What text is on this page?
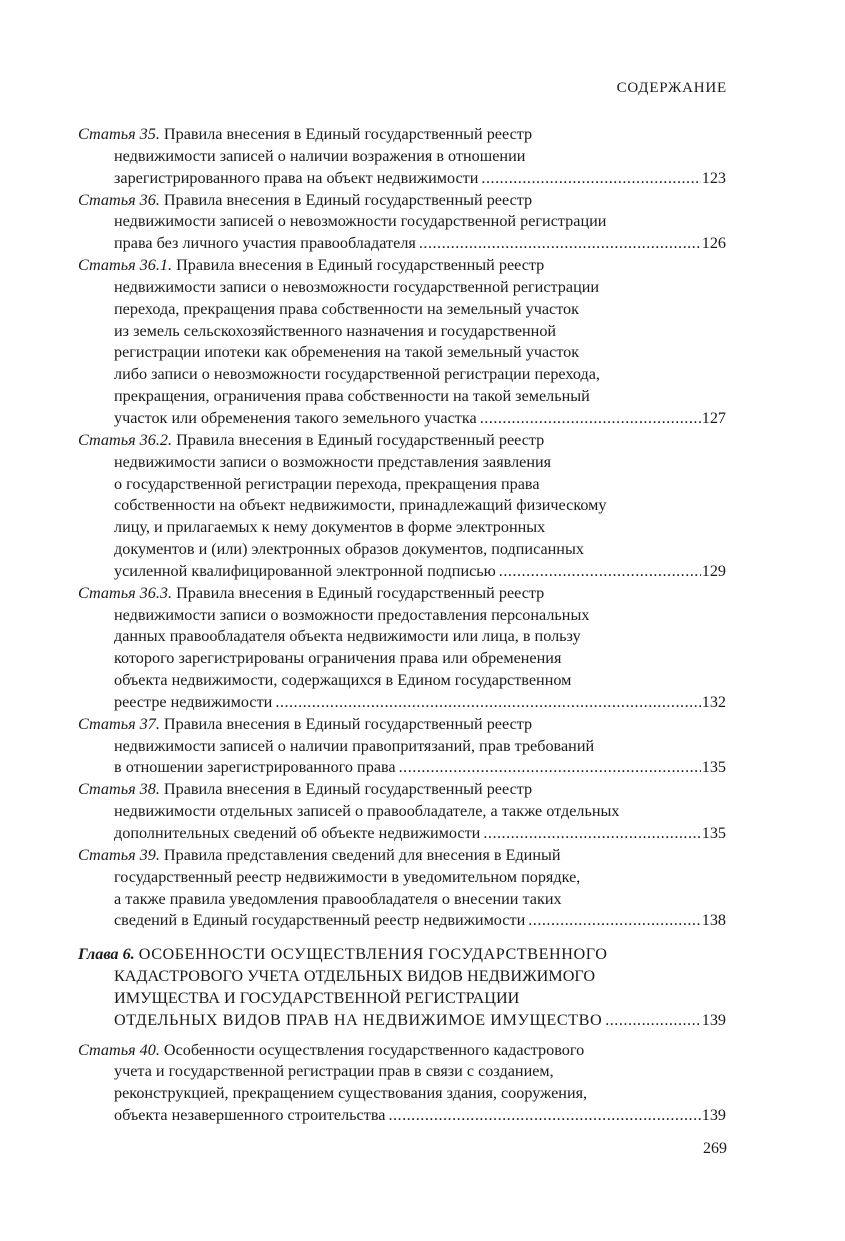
СОДЕРЖАНИЕ
Статья 35. Правила внесения в Единый государственный реестр
недвижимости записей о наличии возражения в отношении
зарегистрированного права на объект недвижимости .....	123
Статья 36. Правила внесения в Единый государственный реестр
недвижимости записей о невозможности государственной регистрации
права без личного участия правообладателя .....	126
Статья 36.1. Правила внесения в Единый государственный реестр
недвижимости записи о невозможности государственной регистрации
перехода, прекращения права собственности на земельный участок
из земель сельскохозяйственного назначения и государственной
регистрации ипотеки как обременения на такой земельный участок
либо записи о невозможности государственной регистрации перехода,
прекращения, ограничения права собственности на такой земельный
участок или обременения такого земельного участка .....	127
Статья 36.2. Правила внесения в Единый государственный реестр
недвижимости записи о возможности представления заявления
о государственной регистрации перехода, прекращения права
собственности на объект недвижимости, принадлежащий физическому
лицу, и прилагаемых к нему документов в форме электронных
документов и (или) электронных образов документов, подписанных
усиленной квалифицированной электронной подписью .....	129
Статья 36.3. Правила внесения в Единый государственный реестр
недвижимости записи о возможности предоставления персональных
данных правообладателя объекта недвижимости или лица, в пользу
которого зарегистрированы ограничения права или обременения
объекта недвижимости, содержащихся в Едином государственном
реестре недвижимости .....	132
Статья 37. Правила внесения в Единый государственный реестр
недвижимости записей о наличии правопритязаний, прав требований
в отношении зарегистрированного права .....	135
Статья 38. Правила внесения в Единый государственный реестр
недвижимости отдельных записей о правообладателе, а также отдельных
дополнительных сведений об объекте недвижимости .....	135
Статья 39. Правила представления сведений для внесения в Единый
государственный реестр недвижимости в уведомительном порядке,
а также правила уведомления правообладателя о внесении таких
сведений в Единый государственный реестр недвижимости .....	138
Глава 6. ОСОБЕННОСТИ ОСУЩЕСТВЛЕНИЯ ГОСУДАРСТВЕННОГО
КАДАСТРОВОГО УЧЕТА ОТДЕЛЬНЫХ ВИДОВ НЕДВИЖИМОГО
ИМУЩЕСТВА И ГОСУДАРСТВЕННОЙ РЕГИСТРАЦИИ
ОТДЕЛЬНЫХ ВИДОВ ПРАВ НА НЕДВИЖИМОЕ ИМУЩЕСТВО .....	139
Статья 40. Особенности осуществления государственного кадастрового
учета и государственной регистрации прав в связи с созданием,
реконструкцией, прекращением существования здания, сооружения,
объекта незавершенного строительства .....	139
269
